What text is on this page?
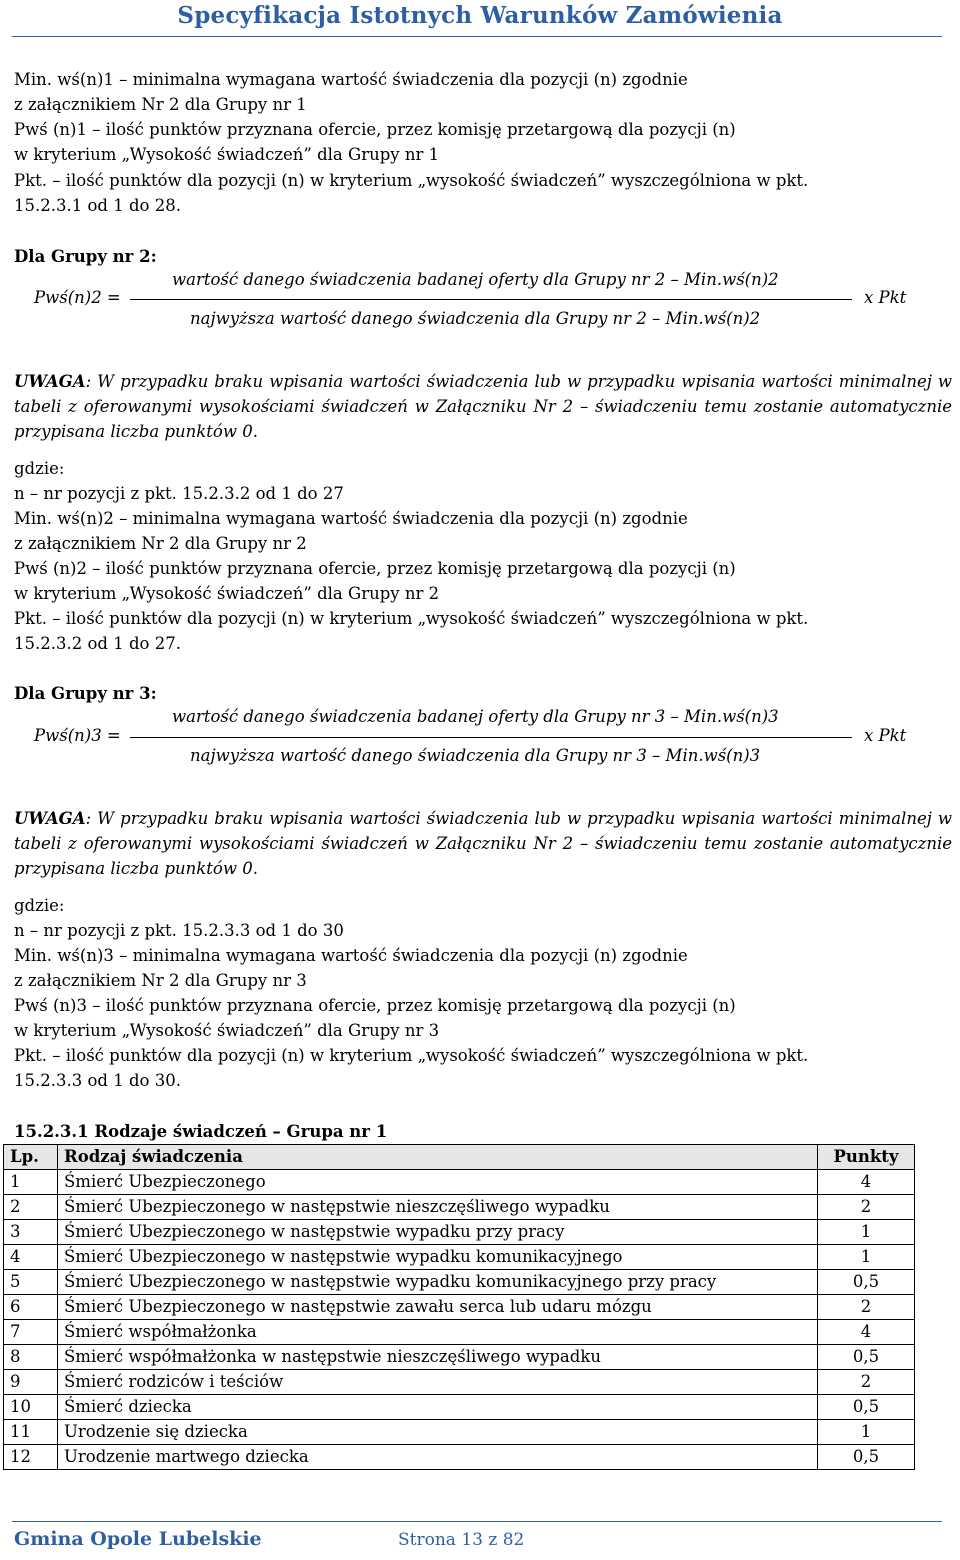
Specyfikacja Istotnych Warunków Zamówienia
Min. wś(n)1 – minimalna wymagana wartość świadczenia dla pozycji (n) zgodnie
z załącznikiem Nr 2 dla Grupy nr 1
Pwś (n)1 – ilość punktów przyznana ofercie, przez komisję przetargową dla pozycji (n)
w kryterium „Wysokość świadczeń” dla Grupy nr 1
Pkt. – ilość punktów dla pozycji (n) w kryterium „wysokość świadczeń” wyszczególniona w pkt.
15.2.3.1 od 1 do 28.
Dla Grupy nr 2:
Pwś(n)2 =
wartość danego świadczenia badanej oferty dla Grupy nr 2 – Min.wś(n)2
najwyższa wartość danego świadczenia dla Grupy nr 2 – Min.wś(n)2
x Pkt
UWAGA: W przypadku braku wpisania wartości świadczenia lub w przypadku wpisania wartości minimalnej w tabeli z oferowanymi wysokościami świadczeń w Załączniku Nr 2 – świadczeniu temu zostanie automatycznie przypisana liczba punktów 0.
gdzie:
n – nr pozycji z pkt. 15.2.3.2 od 1 do 27
Min. wś(n)2 – minimalna wymagana wartość świadczenia dla pozycji (n) zgodnie
z załącznikiem Nr 2 dla Grupy nr 2
Pwś (n)2 – ilość punktów przyznana ofercie, przez komisję przetargową dla pozycji (n)
w kryterium „Wysokość świadczeń” dla Grupy nr 2
Pkt. – ilość punktów dla pozycji (n) w kryterium „wysokość świadczeń” wyszczególniona w pkt.
15.2.3.2 od 1 do 27.
Dla Grupy nr 3:
Pwś(n)3 =
wartość danego świadczenia badanej oferty dla Grupy nr 3 – Min.wś(n)3
najwyższa wartość danego świadczenia dla Grupy nr 3 – Min.wś(n)3
x Pkt
UWAGA: W przypadku braku wpisania wartości świadczenia lub w przypadku wpisania wartości minimalnej w tabeli z oferowanymi wysokościami świadczeń w Załączniku Nr 2 – świadczeniu temu zostanie automatycznie przypisana liczba punktów 0.
gdzie:
n – nr pozycji z pkt. 15.2.3.3 od 1 do 30
Min. wś(n)3 – minimalna wymagana wartość świadczenia dla pozycji (n) zgodnie
z załącznikiem Nr 2 dla Grupy nr 3
Pwś (n)3 – ilość punktów przyznana ofercie, przez komisję przetargową dla pozycji (n)
w kryterium „Wysokość świadczeń” dla Grupy nr 3
Pkt. – ilość punktów dla pozycji (n) w kryterium „wysokość świadczeń” wyszczególniona w pkt.
15.2.3.3 od 1 do 30.
15.2.3.1 Rodzaje świadczeń – Grupa nr 1
Lp.	Rodzaj świadczenia	Punkty
1	Śmierć Ubezpieczonego	4
2	Śmierć Ubezpieczonego w następstwie nieszczęśliwego wypadku	2
3	Śmierć Ubezpieczonego w następstwie wypadku przy pracy	1
4	Śmierć Ubezpieczonego w następstwie wypadku komunikacyjnego	1
5	Śmierć Ubezpieczonego w następstwie wypadku komunikacyjnego przy pracy	0,5
6	Śmierć Ubezpieczonego w następstwie zawału serca lub udaru mózgu	2
7	Śmierć współmałżonka	4
8	Śmierć współmałżonka w następstwie nieszczęśliwego wypadku	0,5
9	Śmierć rodziców i teściów	2
10	Śmierć dziecka	0,5
11	Urodzenie się dziecka	1
12	Urodzenie martwego dziecka	0,5
Gmina Opole Lubelskie	Strona 13 z 82
